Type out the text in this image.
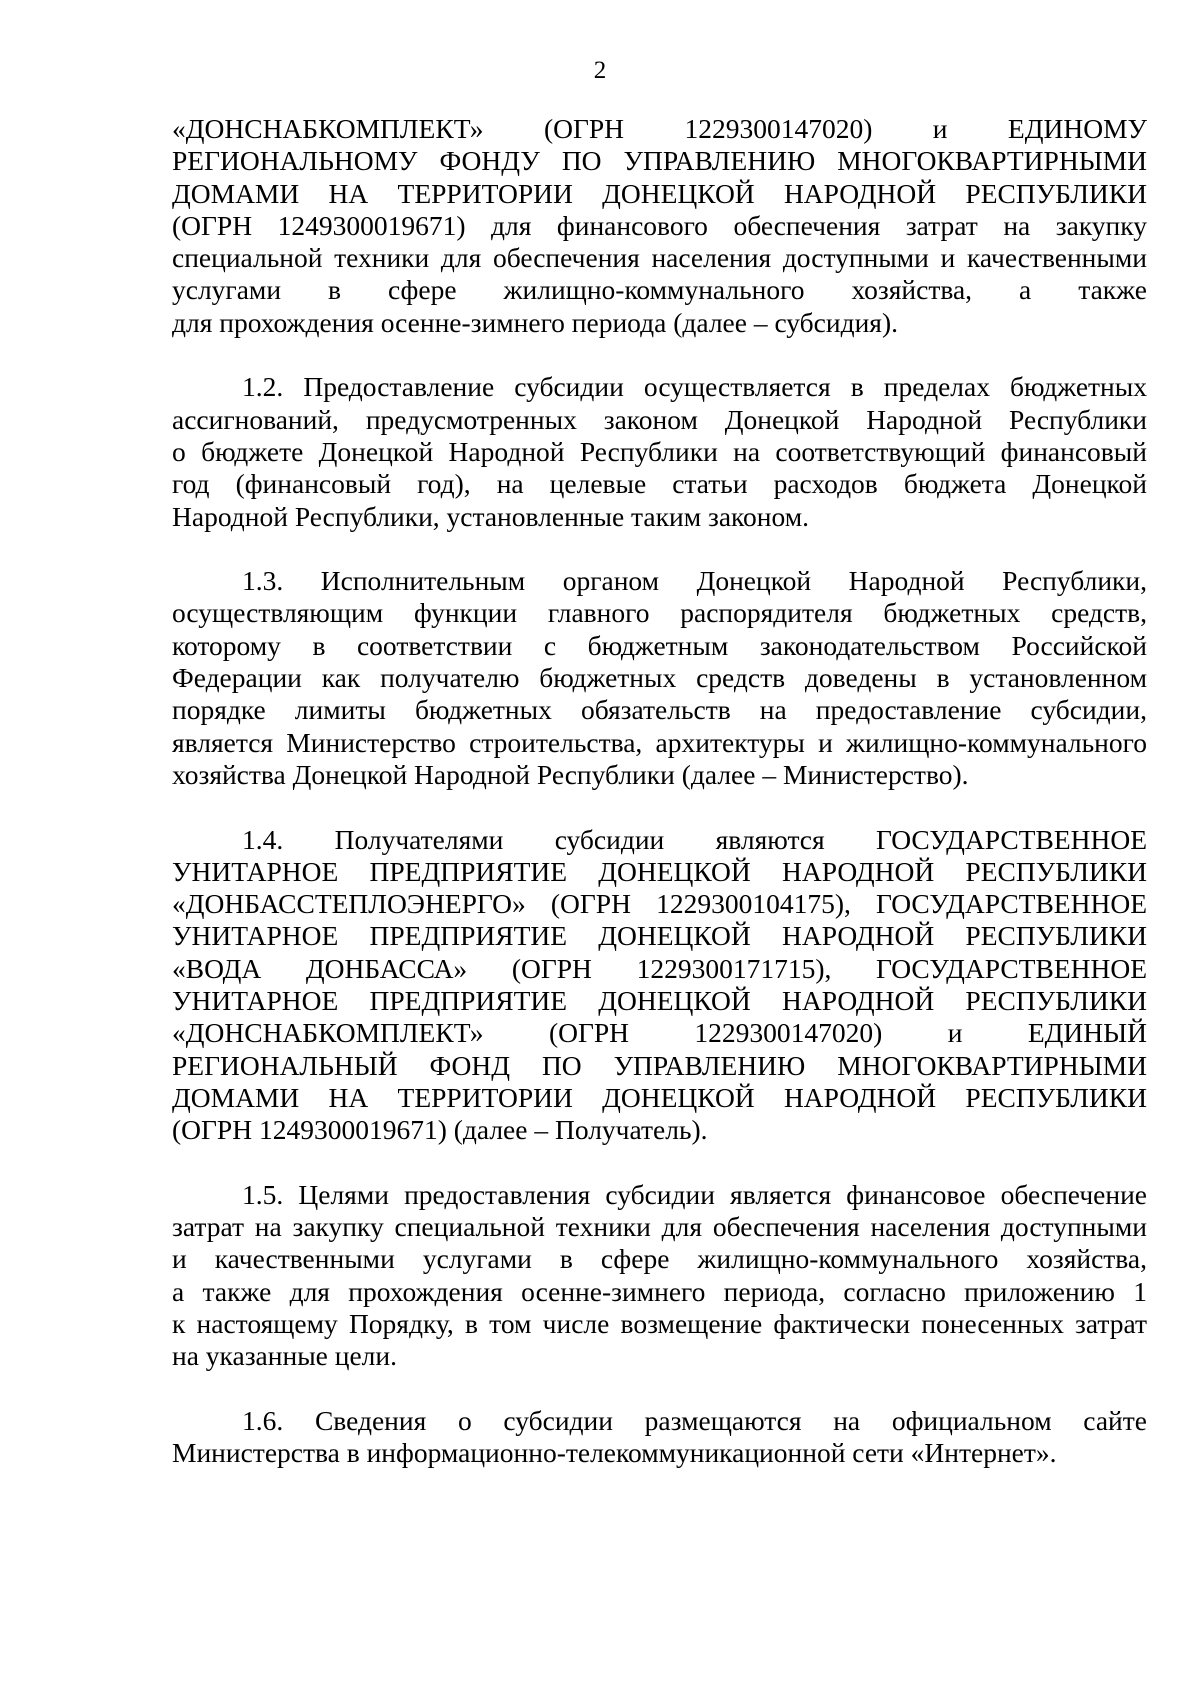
2
«ДОНСНАБКОМПЛЕКТ» (ОГРН 1229300147020) и ЕДИНОМУ
РЕГИОНАЛЬНОМУ ФОНДУ ПО УПРАВЛЕНИЮ МНОГОКВАРТИРНЫМИ
ДОМАМИ НА ТЕРРИТОРИИ ДОНЕЦКОЙ НАРОДНОЙ РЕСПУБЛИКИ
(ОГРН 1249300019671) для финансового обеспечения затрат на закупку
специальной техники для обеспечения населения доступными и качественными
услугами в сфере жилищно-коммунального хозяйства, а также
для прохождения осенне-зимнего периода (далее – субсидия).
1.2. Предоставление субсидии осуществляется в пределах бюджетных
ассигнований, предусмотренных законом Донецкой Народной Республики
о бюджете Донецкой Народной Республики на соответствующий финансовый
год (финансовый год), на целевые статьи расходов бюджета Донецкой
Народной Республики, установленные таким законом.
1.3. Исполнительным органом Донецкой Народной Республики,
осуществляющим функции главного распорядителя бюджетных средств,
которому в соответствии с бюджетным законодательством Российской
Федерации как получателю бюджетных средств доведены в установленном
порядке лимиты бюджетных обязательств на предоставление субсидии,
является Министерство строительства, архитектуры и жилищно-коммунального
хозяйства Донецкой Народной Республики (далее – Министерство).
1.4. Получателями субсидии являются ГОСУДАРСТВЕННОЕ
УНИТАРНОЕ ПРЕДПРИЯТИЕ ДОНЕЦКОЙ НАРОДНОЙ РЕСПУБЛИКИ
«ДОНБАССТЕПЛОЭНЕРГО» (ОГРН 1229300104175), ГОСУДАРСТВЕННОЕ
УНИТАРНОЕ ПРЕДПРИЯТИЕ ДОНЕЦКОЙ НАРОДНОЙ РЕСПУБЛИКИ
«ВОДА ДОНБАССА» (ОГРН 1229300171715), ГОСУДАРСТВЕННОЕ
УНИТАРНОЕ ПРЕДПРИЯТИЕ ДОНЕЦКОЙ НАРОДНОЙ РЕСПУБЛИКИ
«ДОНСНАБКОМПЛЕКТ» (ОГРН 1229300147020) и ЕДИНЫЙ
РЕГИОНАЛЬНЫЙ ФОНД ПО УПРАВЛЕНИЮ МНОГОКВАРТИРНЫМИ
ДОМАМИ НА ТЕРРИТОРИИ ДОНЕЦКОЙ НАРОДНОЙ РЕСПУБЛИКИ
(ОГРН 1249300019671) (далее – Получатель).
1.5. Целями предоставления субсидии является финансовое обеспечение
затрат на закупку специальной техники для обеспечения населения доступными
и качественными услугами в сфере жилищно-коммунального хозяйства,
а также для прохождения осенне-зимнего периода, согласно приложению 1
к настоящему Порядку, в том числе возмещение фактически понесенных затрат
на указанные цели.
1.6. Сведения о субсидии размещаются на официальном сайте
Министерства в информационно-телекоммуникационной сети «Интернет».
